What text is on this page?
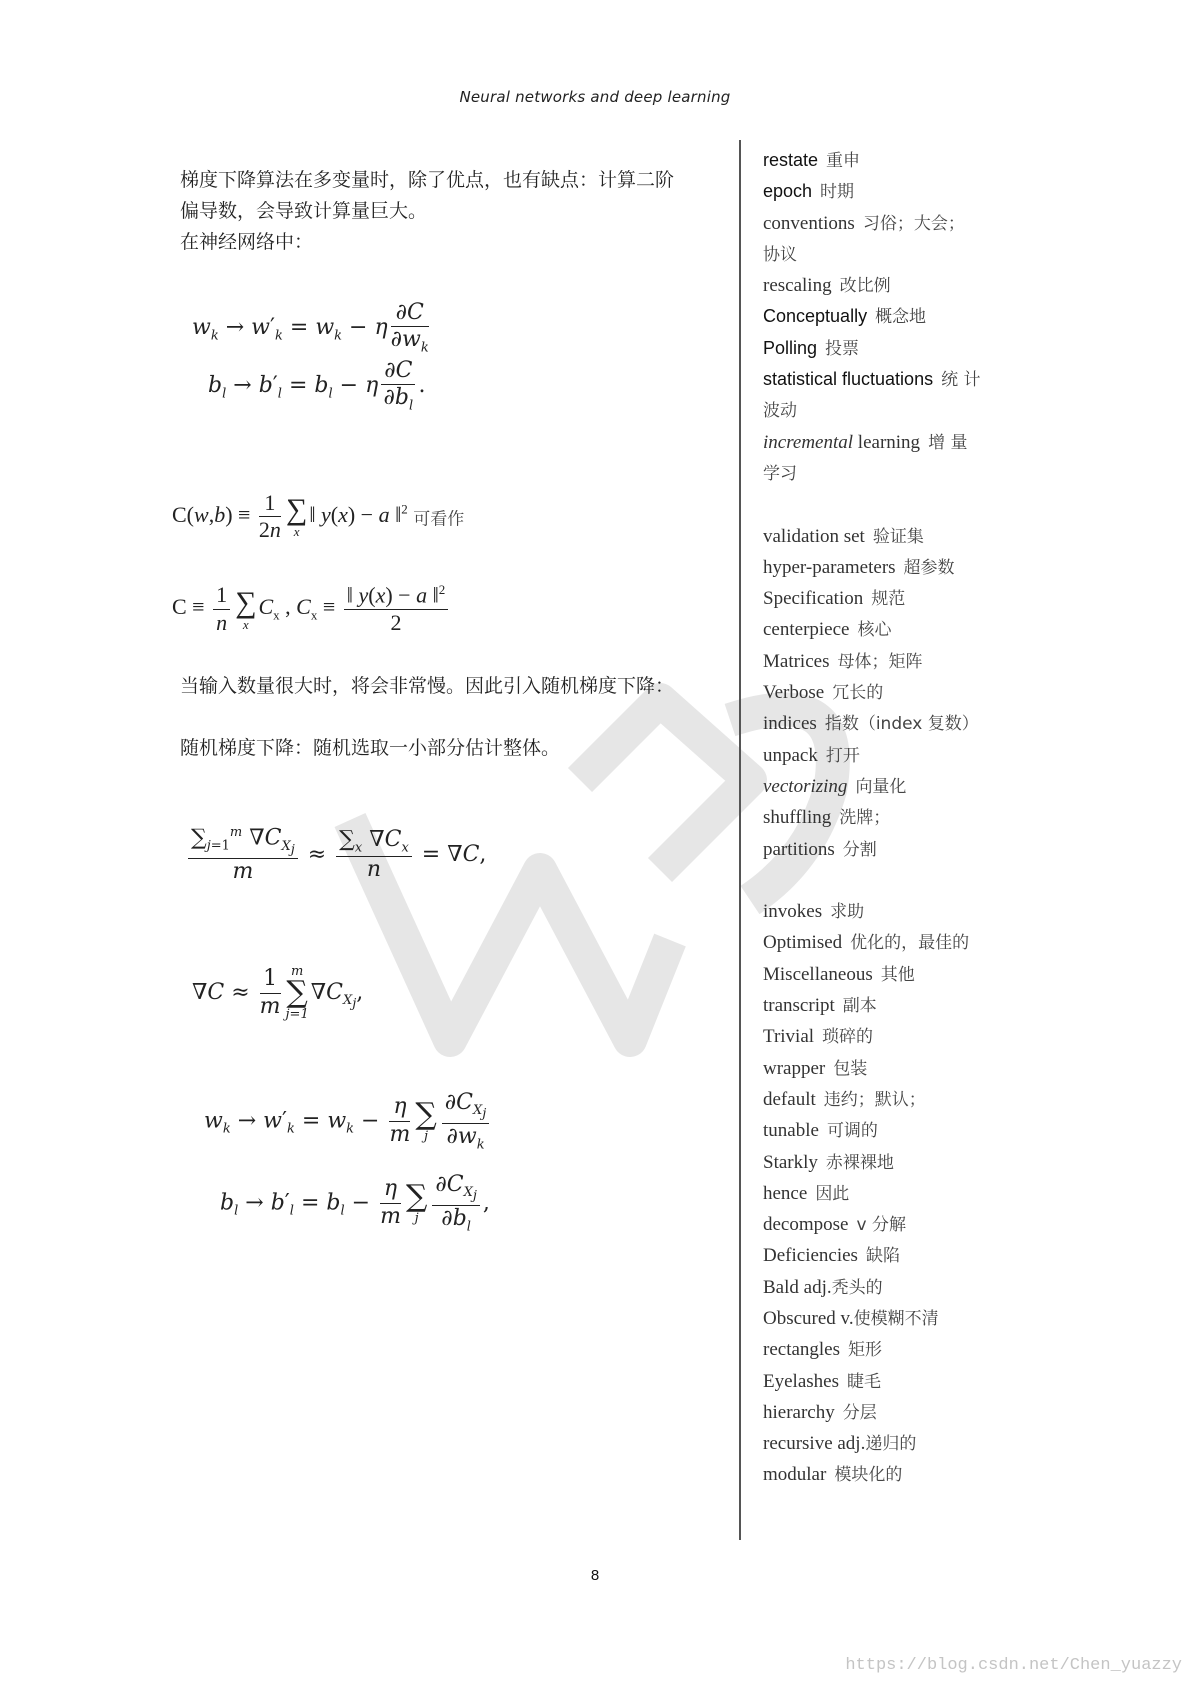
Neural networks and deep learning
梯度下降算法在多变量时，除了优点，也有缺点：计算二阶
偏导数，会导致计算量巨大。
在神经网络中：
$w_k \to w'_k = w_k - \eta \frac{\partial C}{\partial w_k}$
$b_l \to b'_l = b_l - \eta \frac{\partial C}{\partial b_l}$ .
$C(w,b) \equiv \frac{1}{2n}$ ∑
x
‖ y(x) − a ‖$^2$ 可看作
$C \equiv \frac{1}{n}$ ∑
x
$C_x$ , $C_x \equiv \frac{‖ y(x) - a ‖^2}{2}$
当输入数量很大时，将会非常慢。因此引入随机梯度下降：
随机梯度下降：随机选取一小部分估计整体。
$\frac{\sum_{j=1}^m \nabla C_{X_j}}{m} \approx \frac{\sum_x \nabla C_x}{n} = \nabla C$,
$\nabla C \approx \frac{1}{m}$ m
∑
j=1
$\nabla C_{X_j}$,
$w_k \to w'_k = w_k - \frac{\eta}{m}$ ∑
j $\frac{\partial C_{X_j}}{\partial w_k}$
$b_l \to b'_l = b_l - \frac{\eta}{m}$ ∑
j $\frac{\partial C_{X_j}}{\partial b_l}$ ,
restate 重申
epoch 时期
conventions 习俗；大会；
协议
rescaling 改比例
Conceptually 概念地
Polling 投票
statistical fluctuations 统 计
波动
incremental learning 增 量
学习
validation set 验证集
hyper-parameters 超参数
Specification 规范
centerpiece 核心
Matrices 母体；矩阵
Verbose 冗长的
indices 指数（index 复数）
unpack 打开
vectorizing 向量化
shuffling 洗牌；
partitions 分割
invokes 求助
Optimised 优化的，最佳的
Miscellaneous 其他
transcript 副本
Trivial 琐碎的
wrapper 包装
default 违约；默认；
tunable 可调的
Starkly 赤裸裸地
hence 因此
decompose v 分解
Deficiencies 缺陷
Bald adj.秃头的
Obscured v.使模糊不清
rectangles 矩形
Eyelashes 睫毛
hierarchy 分层
recursive adj.递归的
modular 模块化的
8
https://blog.csdn.net/Chen_yuazzy
